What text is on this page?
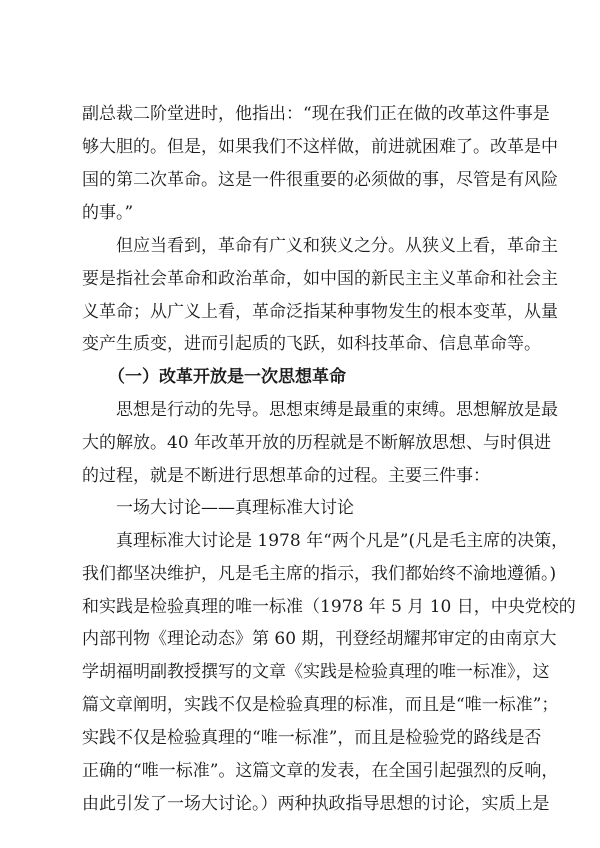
副总裁二阶堂进时，他指出：“现在我们正在做的改革这件事是
够大胆的。但是，如果我们不这样做，前进就困难了。改革是中
国的第二次革命。这是一件很重要的必须做的事，尽管是有风险
的事。”
但应当看到，革命有广义和狭义之分。从狭义上看，革命主
要是指社会革命和政治革命，如中国的新民主主义革命和社会主
义革命；从广义上看，革命泛指某种事物发生的根本变革，从量
变产生质变，进而引起质的飞跃，如科技革命、信息革命等。
（一）改革开放是一次思想革命
思想是行动的先导。思想束缚是最重的束缚。思想解放是最
大的解放。40 年改革开放的历程就是不断解放思想、与时俱进
的过程，就是不断进行思想革命的过程。主要三件事：
一场大讨论——真理标准大讨论
真理标准大讨论是 1978 年“两个凡是”(凡是毛主席的决策，
我们都坚决维护，凡是毛主席的指示，我们都始终不渝地遵循。)
和实践是检验真理的唯一标准（1978 年 5 月 10 日，中央党校的
内部刊物《理论动态》第 60 期，刊登经胡耀邦审定的由南京大
学胡福明副教授撰写的文章《实践是检验真理的唯一标准》，这
篇文章阐明，实践不仅是检验真理的标准，而且是“唯一标准”；
实践不仅是检验真理的“唯一标准”，而且是检验党的路线是否
正确的“唯一标准”。这篇文章的发表，在全国引起强烈的反响，
由此引发了一场大讨论。）两种执政指导思想的讨论，实质上是
